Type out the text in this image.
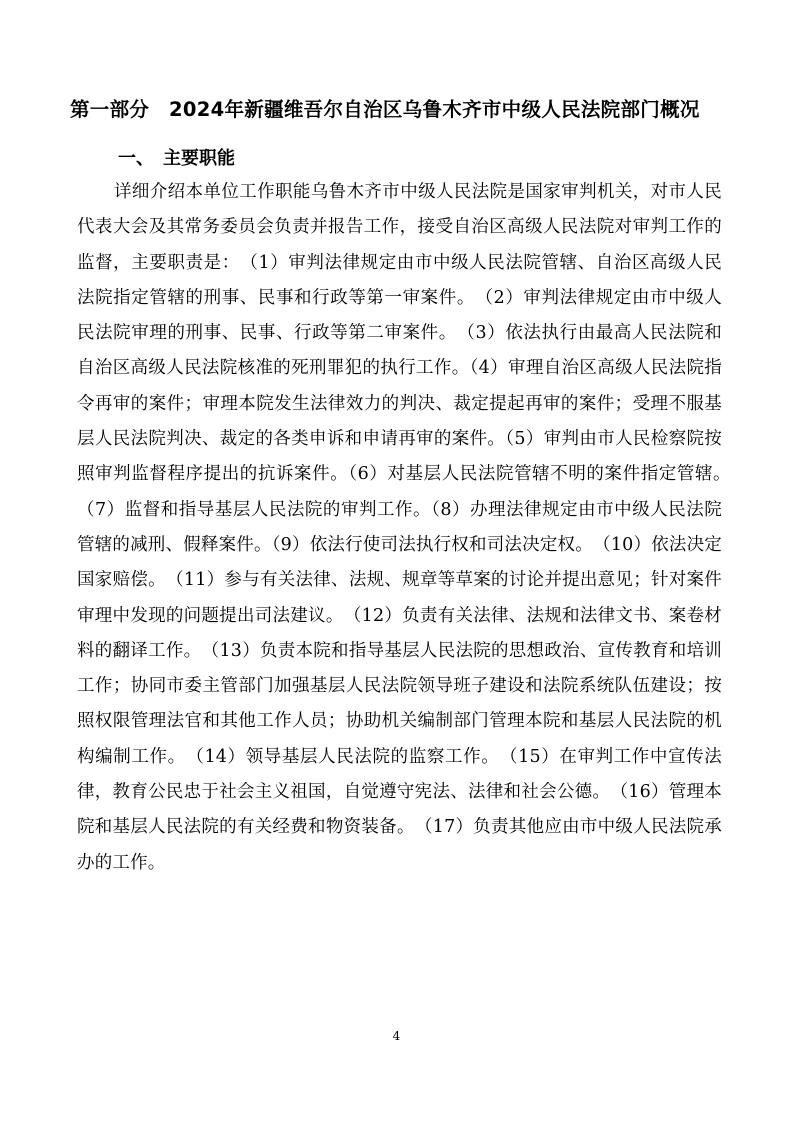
第一部分　2024年新疆维吾尔自治区乌鲁木齐市中级人民法院部门概况
一、　主要职能

详细介绍本单位工作职能乌鲁木齐市中级人民法院是国家审判机关，对市人民代表大会及其常务委员会负责并报告工作，接受自治区高级人民法院对审判工作的监督，主要职责是：　（1）审判法律规定由市中级人民法院管辖、自治区高级人民法院指定管辖的刑事、民事和行政等第一审案件。　（2）审判法律规定由市中级人民法院审理的刑事、民事、行政等第二审案件。　（3）依法执行由最高人民法院和自治区高级人民法院核准的死刑罪犯的执行工作。（4）审理自治区高级人民法院指令再审的案件；审理本院发生法律效力的判决、裁定提起再审的案件；受理不服基层人民法院判决、裁定的各类申诉和申请再审的案件。（5）审判由市人民检察院按照审判监督程序提出的抗诉案件。（6）对基层人民法院管辖不明的案件指定管辖。　（7）监督和指导基层人民法院的审判工作。（8）办理法律规定由市中级人民法院管辖的减刑、假释案件。（9）依法行使司法执行权和司法决定权。　（10）依法决定国家赔偿。　（11）参与有关法律、法规、规章等草案的讨论并提出意见；针对案件审理中发现的问题提出司法建议。　（12）负责有关法律、法规和法律文书、案卷材料的翻译工作。　（13）负责本院和指导基层人民法院的思想政治、宣传教育和培训工作；协同市委主管部门加强基层人民法院领导班子建设和法院系统队伍建设；按照权限管理法官和其他工作人员；协助机关编制部门管理本院和基层人民法院的机构编制工作。　（14）领导基层人民法院的监察工作。　（15）在审判工作中宣传法律，教育公民忠于社会主义祖国，自觉遵守宪法、法律和社会公德。　（16）管理本院和基层人民法院的有关经费和物资装备。　（17）负责其他应由市中级人民法院承办的工作。

4
